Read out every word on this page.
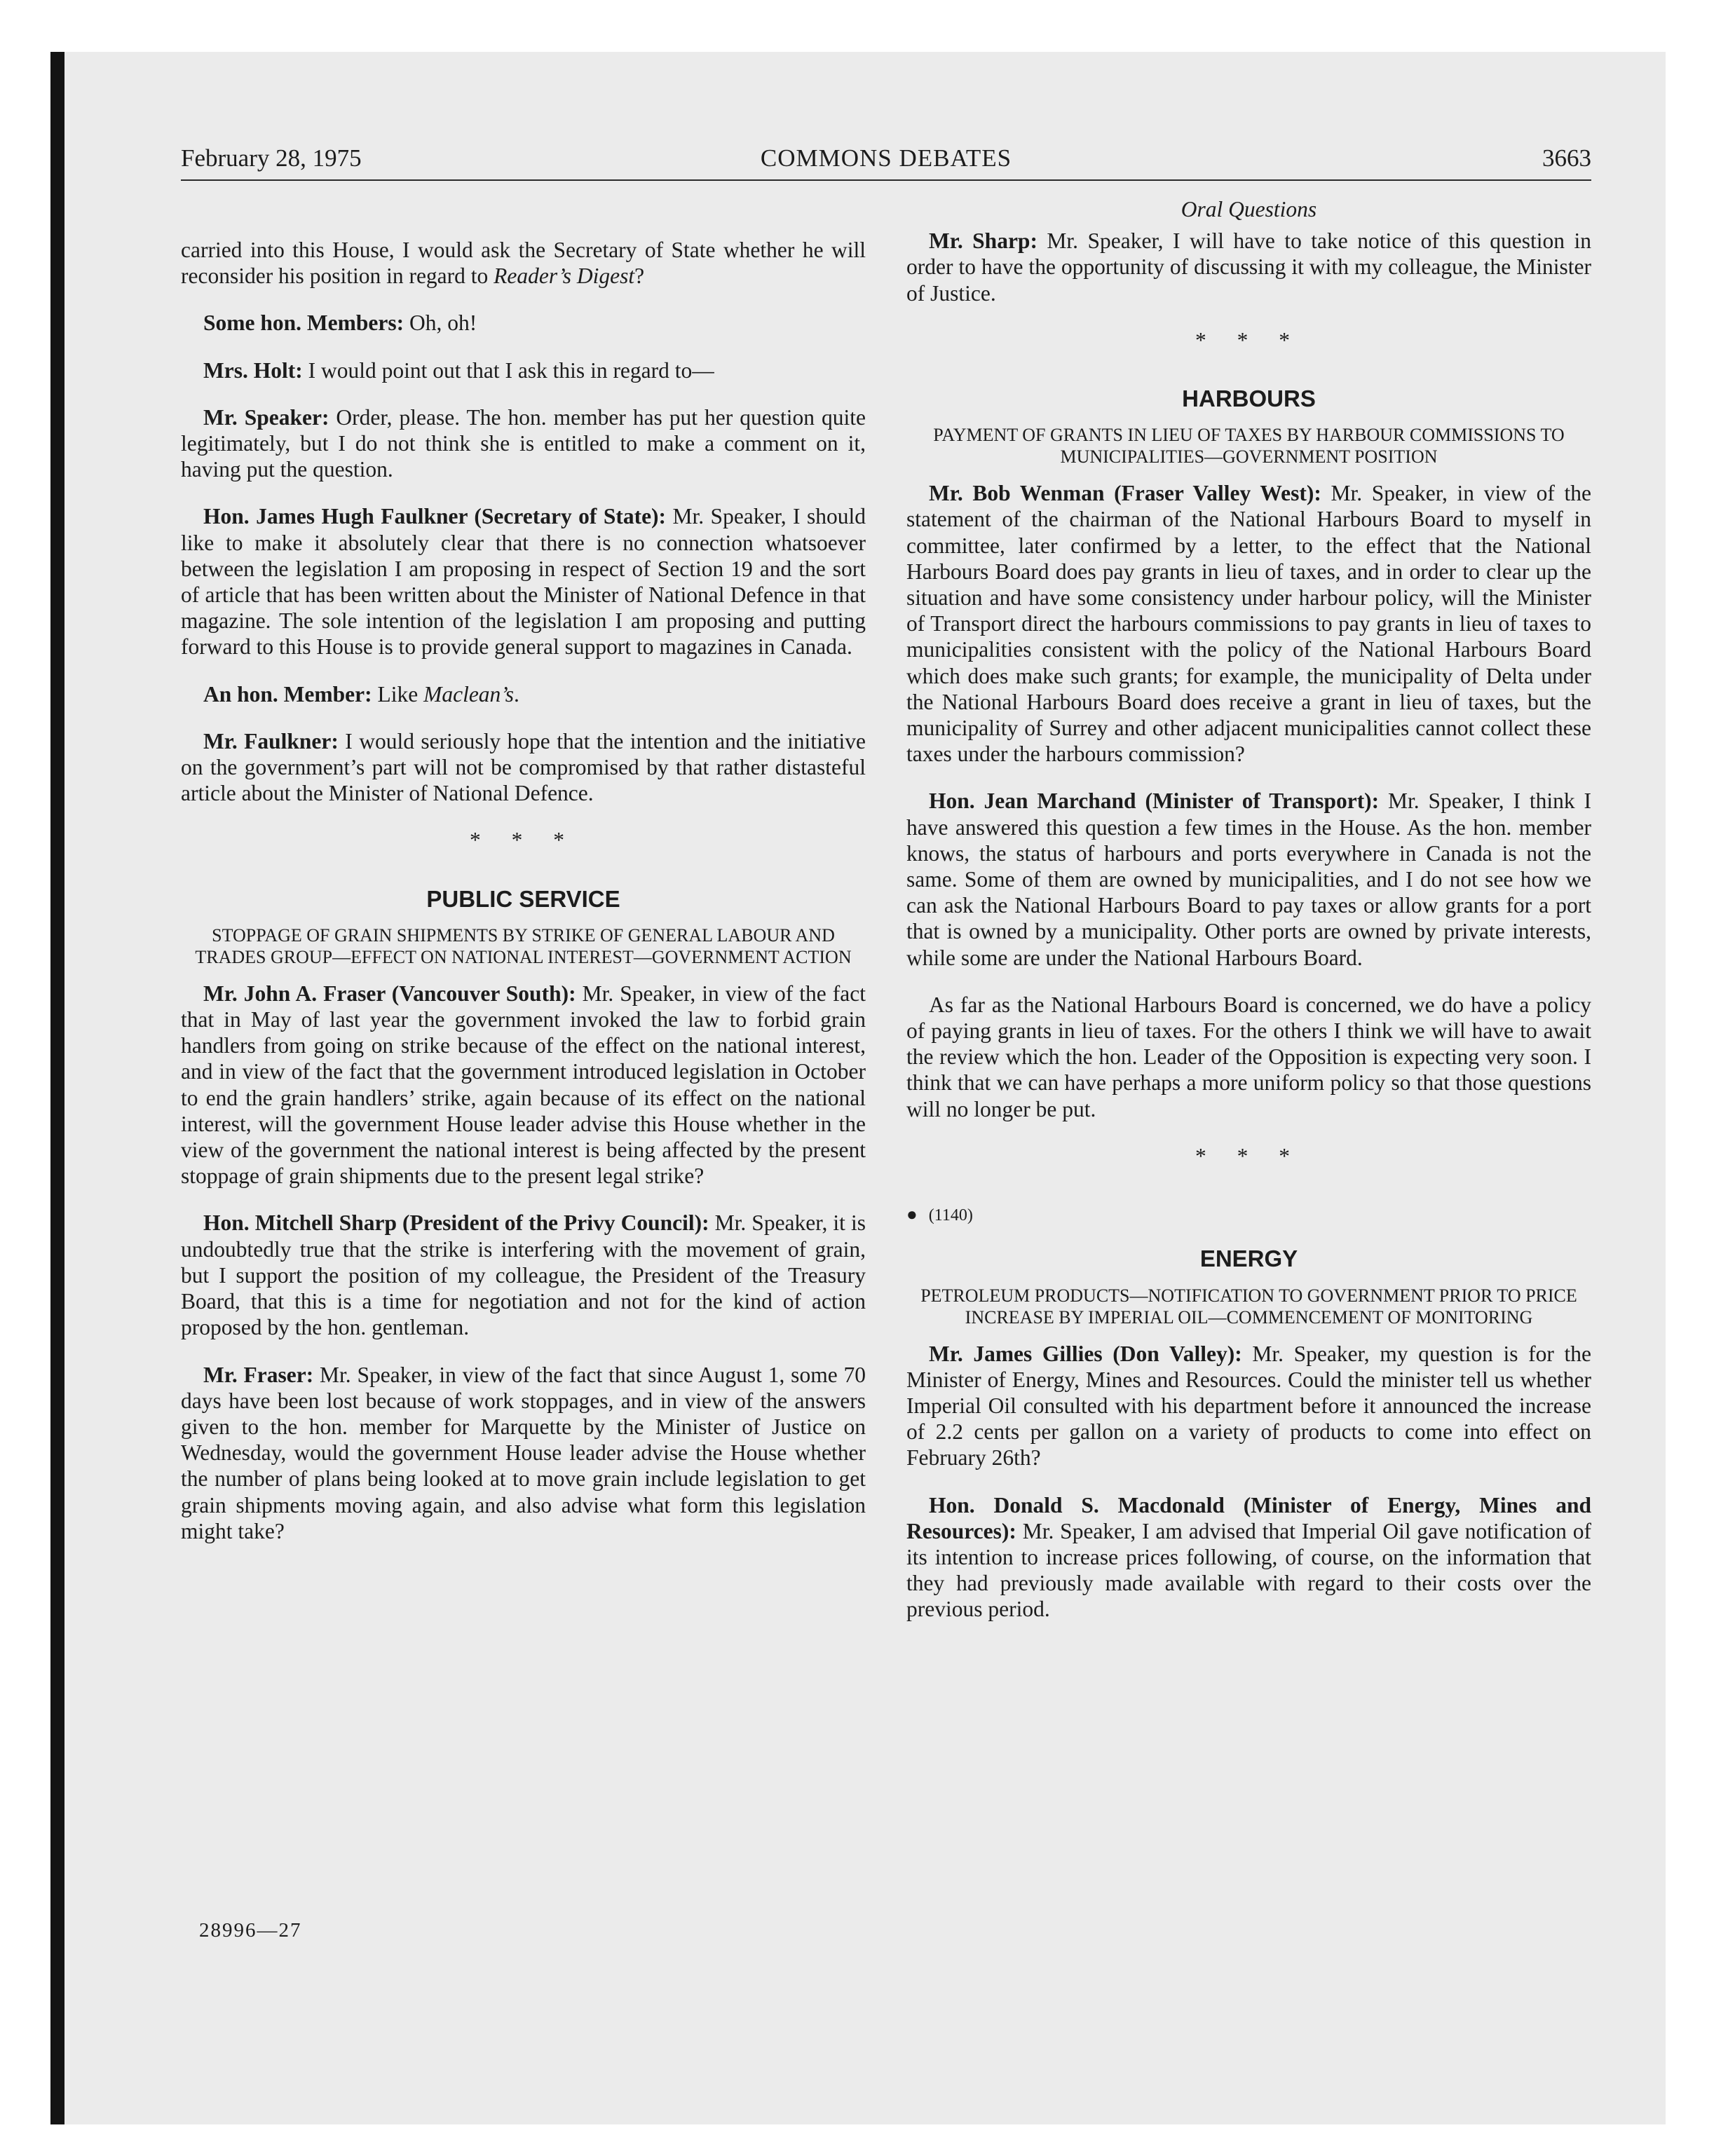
February 28, 1975	COMMONS DEBATES	3663

carried into this House, I would ask the Secretary of State whether he will reconsider his position in regard to Reader’s Digest?

Some hon. Members: Oh, oh!

Mrs. Holt: I would point out that I ask this in regard to—

Mr. Speaker: Order, please. The hon. member has put her question quite legitimately, but I do not think she is entitled to make a comment on it, having put the question.

Hon. James Hugh Faulkner (Secretary of State): Mr. Speaker, I should like to make it absolutely clear that there is no connection whatsoever between the legislation I am proposing in respect of Section 19 and the sort of article that has been written about the Minister of National Defence in that magazine. The sole intention of the legislation I am proposing and putting forward to this House is to provide general support to magazines in Canada.

An hon. Member: Like Maclean’s.

Mr. Faulkner: I would seriously hope that the intention and the initiative on the government’s part will not be compromised by that rather distasteful article about the Minister of National Defence.

* * *
PUBLIC SERVICE
STOPPAGE OF GRAIN SHIPMENTS BY STRIKE OF GENERAL LABOUR AND TRADES GROUP—EFFECT ON NATIONAL INTEREST—GOVERNMENT ACTION

Mr. John A. Fraser (Vancouver South): Mr. Speaker, in view of the fact that in May of last year the government invoked the law to forbid grain handlers from going on strike because of the effect on the national interest, and in view of the fact that the government introduced legislation in October to end the grain handlers’ strike, again because of its effect on the national interest, will the government House leader advise this House whether in the view of the government the national interest is being affected by the present stoppage of grain shipments due to the present legal strike?

Hon. Mitchell Sharp (President of the Privy Council): Mr. Speaker, it is undoubtedly true that the strike is interfering with the movement of grain, but I support the position of my colleague, the President of the Treasury Board, that this is a time for negotiation and not for the kind of action proposed by the hon. gentleman.

Mr. Fraser: Mr. Speaker, in view of the fact that since August 1, some 70 days have been lost because of work stoppages, and in view of the answers given to the hon. member for Marquette by the Minister of Justice on Wednesday, would the government House leader advise the House whether the number of plans being looked at to move grain include legislation to get grain shipments moving again, and also advise what form this legislation might take?

Oral Questions

Mr. Sharp: Mr. Speaker, I will have to take notice of this question in order to have the opportunity of discussing it with my colleague, the Minister of Justice.

* * *
HARBOURS
PAYMENT OF GRANTS IN LIEU OF TAXES BY HARBOUR COMMISSIONS TO MUNICIPALITIES—GOVERNMENT POSITION

Mr. Bob Wenman (Fraser Valley West): Mr. Speaker, in view of the statement of the chairman of the National Harbours Board to myself in committee, later confirmed by a letter, to the effect that the National Harbours Board does pay grants in lieu of taxes, and in order to clear up the situation and have some consistency under harbour policy, will the Minister of Transport direct the harbours commissions to pay grants in lieu of taxes to municipalities consistent with the policy of the National Harbours Board which does make such grants; for example, the municipality of Delta under the National Harbours Board does receive a grant in lieu of taxes, but the municipality of Surrey and other adjacent municipalities cannot collect these taxes under the harbours commission?

Hon. Jean Marchand (Minister of Transport): Mr. Speaker, I think I have answered this question a few times in the House. As the hon. member knows, the status of harbours and ports everywhere in Canada is not the same. Some of them are owned by municipalities, and I do not see how we can ask the National Harbours Board to pay taxes or allow grants for a port that is owned by a municipality. Other ports are owned by private interests, while some are under the National Harbours Board.

As far as the National Harbours Board is concerned, we do have a policy of paying grants in lieu of taxes. For the others I think we will have to await the review which the hon. Leader of the Opposition is expecting very soon. I think that we can have perhaps a more uniform policy so that those questions will no longer be put.

* * *
● (1140)
ENERGY
PETROLEUM PRODUCTS—NOTIFICATION TO GOVERNMENT PRIOR TO PRICE INCREASE BY IMPERIAL OIL—COMMENCEMENT OF MONITORING

Mr. James Gillies (Don Valley): Mr. Speaker, my question is for the Minister of Energy, Mines and Resources. Could the minister tell us whether Imperial Oil consulted with his department before it announced the increase of 2.2 cents per gallon on a variety of products to come into effect on February 26th?

Hon. Donald S. Macdonald (Minister of Energy, Mines and Resources): Mr. Speaker, I am advised that Imperial Oil gave notification of its intention to increase prices following, of course, on the information that they had previously made available with regard to their costs over the previous period.

28996—27
